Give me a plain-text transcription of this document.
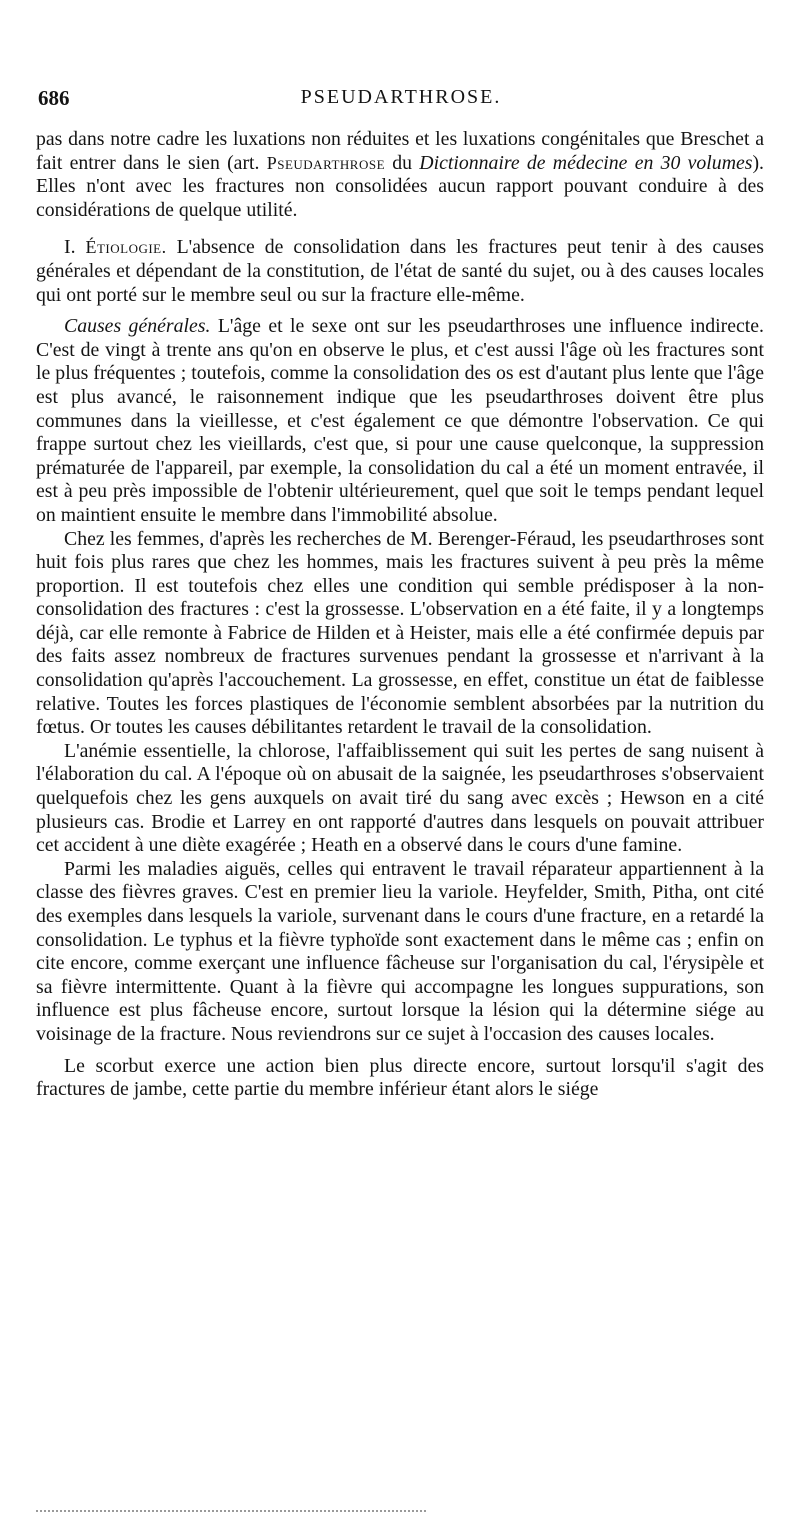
686	PSEUDARTHROSE.

pas dans notre cadre les luxations non réduites et les luxations congénitales que Breschet a fait entrer dans le sien (art. Pseudarthrose du Dictionnaire de médecine en 30 volumes). Elles n'ont avec les fractures non consolidées aucun rapport pouvant conduire à des considérations de quelque utilité.

I. Étiologie. L'absence de consolidation dans les fractures peut tenir à des causes générales et dépendant de la constitution, de l'état de santé du sujet, ou à des causes locales qui ont porté sur le membre seul ou sur la fracture elle-même.

Causes générales. L'âge et le sexe ont sur les pseudarthroses une influence indirecte. C'est de vingt à trente ans qu'on en observe le plus, et c'est aussi l'âge où les fractures sont le plus fréquentes ; toutefois, comme la consolidation des os est d'autant plus lente que l'âge est plus avancé, le raisonnement indique que les pseudarthroses doivent être plus communes dans la vieillesse, et c'est également ce que démontre l'observation. Ce qui frappe surtout chez les vieillards, c'est que, si pour une cause quelconque, la suppression prématurée de l'appareil, par exemple, la consolidation du cal a été un moment entravée, il est à peu près impossible de l'obtenir ultérieurement, quel que soit le temps pendant lequel on maintient ensuite le membre dans l'immobilité absolue.

Chez les femmes, d'après les recherches de M. Berenger-Féraud, les pseudarthroses sont huit fois plus rares que chez les hommes, mais les fractures suivent à peu près la même proportion. Il est toutefois chez elles une condition qui semble prédisposer à la non-consolidation des fractures : c'est la grossesse. L'observation en a été faite, il y a longtemps déjà, car elle remonte à Fabrice de Hilden et à Heister, mais elle a été confirmée depuis par des faits assez nombreux de fractures survenues pendant la grossesse et n'arrivant à la consolidation qu'après l'accouchement. La grossesse, en effet, constitue un état de faiblesse relative. Toutes les forces plastiques de l'économie semblent absorbées par la nutrition du fœtus. Or toutes les causes débilitantes retardent le travail de la consolidation.

L'anémie essentielle, la chlorose, l'affaiblissement qui suit les pertes de sang nuisent à l'élaboration du cal. A l'époque où on abusait de la saignée, les pseudarthroses s'observaient quelquefois chez les gens auxquels on avait tiré du sang avec excès ; Hewson en a cité plusieurs cas. Brodie et Larrey en ont rapporté d'autres dans lesquels on pouvait attribuer cet accident à une diète exagérée ; Heath en a observé dans le cours d'une famine.

Parmi les maladies aiguës, celles qui entravent le travail réparateur appartiennent à la classe des fièvres graves. C'est en premier lieu la variole. Heyfelder, Smith, Pitha, ont cité des exemples dans lesquels la variole, survenant dans le cours d'une fracture, en a retardé la consolidation. Le typhus et la fièvre typhoïde sont exactement dans le même cas ; enfin on cite encore, comme exerçant une influence fâcheuse sur l'organisation du cal, l'érysipèle et sa fièvre intermittente. Quant à la fièvre qui accompagne les longues suppurations, son influence est plus fâcheuse encore, surtout lorsque la lésion qui la détermine siége au voisinage de la fracture. Nous reviendrons sur ce sujet à l'occasion des causes locales.

Le scorbut exerce une action bien plus directe encore, surtout lorsqu'il s'agit des fractures de jambe, cette partie du membre inférieur étant alors le siége
